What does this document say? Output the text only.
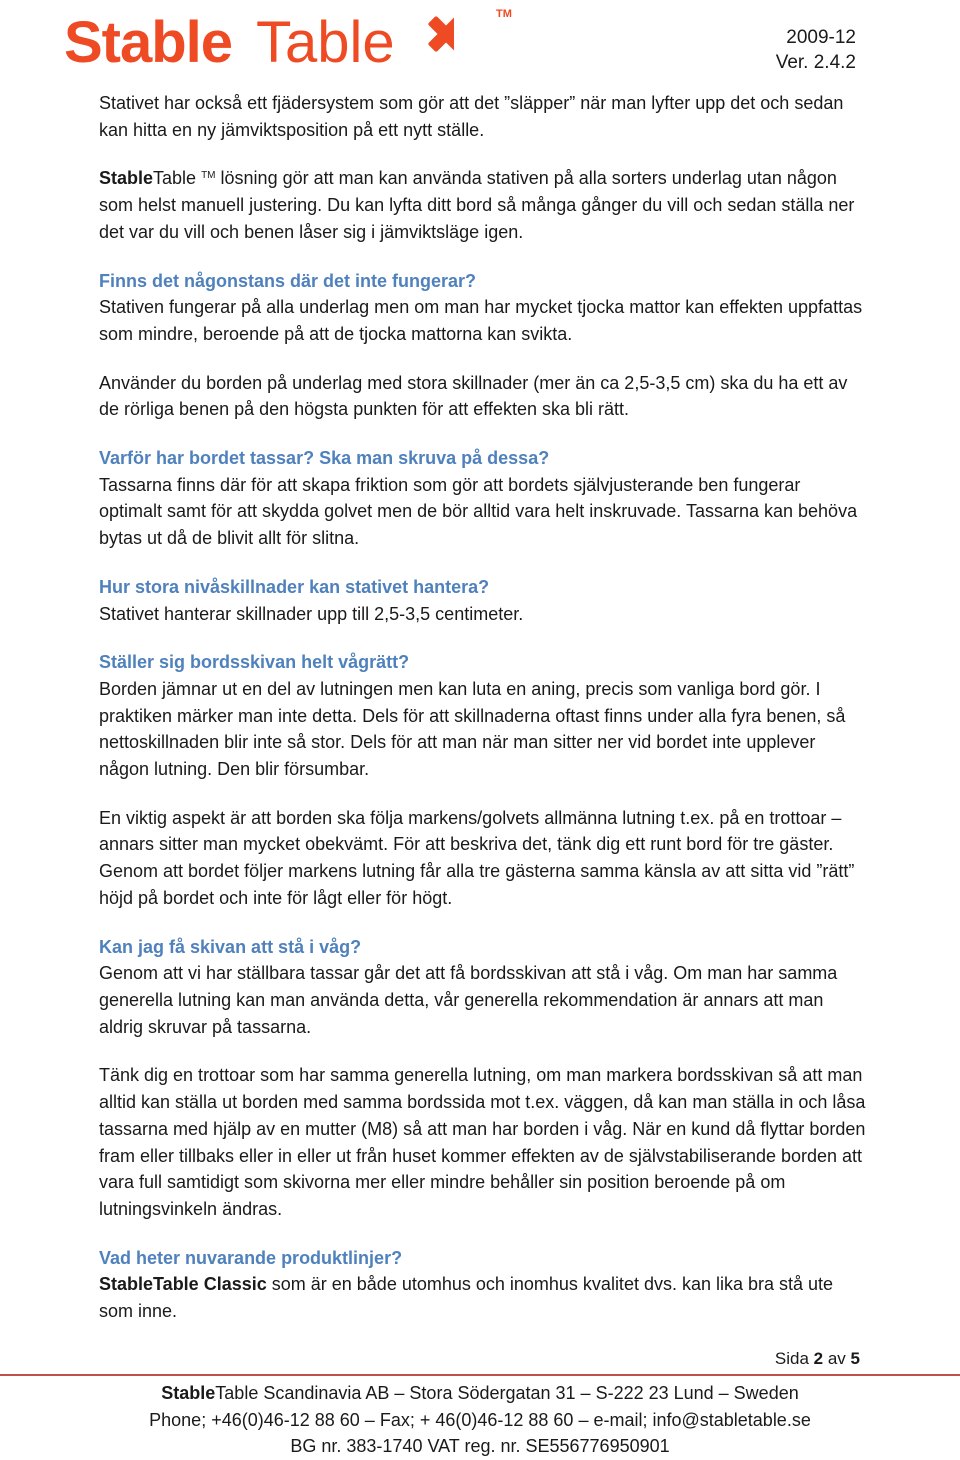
Stable Table	TM
2009-12
Ver. 2.4.2

Stativet har också ett fjädersystem som gör att det ”släpper” när man lyfter upp det och sedan kan hitta en ny jämviktsposition på ett nytt ställe.

StableTable ™ lösning gör att man kan använda stativen på alla sorters underlag utan någon som helst manuell justering. Du kan lyfta ditt bord så många gånger du vill och sedan ställa ner det var du vill och benen låser sig i jämviktsläge igen.

Finns det någonstans där det inte fungerar?
Stativen fungerar på alla underlag men om man har mycket tjocka mattor kan effekten uppfattas som mindre, beroende på att de tjocka mattorna kan svikta.

Använder du borden på underlag med stora skillnader (mer än ca 2,5-3,5 cm) ska du ha ett av de rörliga benen på den högsta punkten för att effekten ska bli rätt.

Varför har bordet tassar? Ska man skruva på dessa?
Tassarna finns där för att skapa friktion som gör att bordets självjusterande ben fungerar optimalt samt för att skydda golvet men de bör alltid vara helt inskruvade. Tassarna kan behöva bytas ut då de blivit allt för slitna.

Hur stora nivåskillnader kan stativet hantera?
Stativet hanterar skillnader upp till 2,5-3,5 centimeter.

Ställer sig bordsskivan helt vågrätt?
Borden jämnar ut en del av lutningen men kan luta en aning, precis som vanliga bord gör. I praktiken märker man inte detta. Dels för att skillnaderna oftast finns under alla fyra benen, så nettoskillnaden blir inte så stor. Dels för att man när man sitter ner vid bordet inte upplever någon lutning. Den blir försumbar.

En viktig aspekt är att borden ska följa markens/golvets allmänna lutning t.ex. på en trottoar – annars sitter man mycket obekvämt. För att beskriva det, tänk dig ett runt bord för tre gäster. Genom att bordet följer markens lutning får alla tre gästerna samma känsla av att sitta vid ”rätt” höjd på bordet och inte för lågt eller för högt.

Kan jag få skivan att stå i våg?
Genom att vi har ställbara tassar går det att få bordsskivan att stå i våg. Om man har samma generella lutning kan man använda detta, vår generella rekommendation är annars att man aldrig skruvar på tassarna.

Tänk dig en trottoar som har samma generella lutning, om man markera bordsskivan så att man alltid kan ställa ut borden med samma bordssida mot t.ex. väggen, då kan man ställa in och låsa tassarna med hjälp av en mutter (M8) så att man har borden i våg. När en kund då flyttar borden fram eller tillbaks eller in eller ut från huset kommer effekten av de självstabiliserande borden att vara full samtidigt som skivorna mer eller mindre behåller sin position beroende på om lutningsvinkeln ändras.

Vad heter nuvarande produktlinjer?
StableTable Classic som är en både utomhus och inomhus kvalitet dvs. kan lika bra stå ute som inne.

Sida 2 av 5
StableTable Scandinavia AB – Stora Södergatan 31 – S-222 23 Lund – Sweden
Phone; +46(0)46-12 88 60 – Fax; + 46(0)46-12 88 60 – e-mail; info@stabletable.se
BG nr. 383-1740 VAT reg. nr. SE556776950901
